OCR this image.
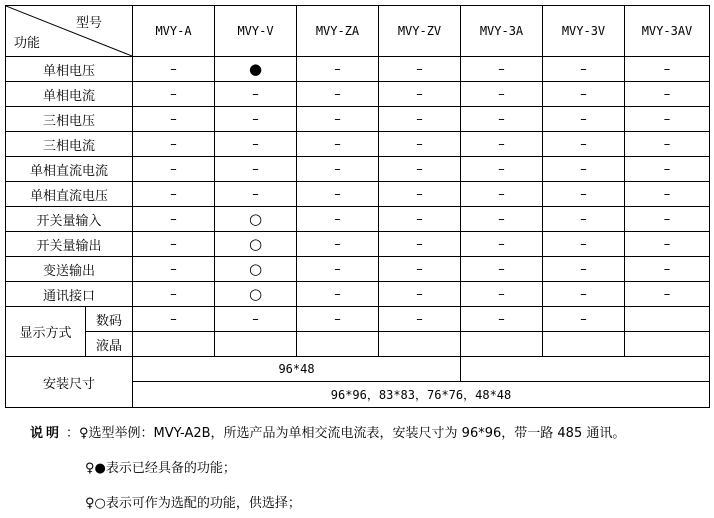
型号
功能		MVY-A	MVY-V	MVY-ZA	MVY-ZV	MVY-3A	MVY-3V	MVY-3AV
单相电压		–	●	–	–	–	–	–
单相电流		–	–	–	–	–	–	–
三相电压		–	–	–	–	–	–	–
三相电流		–	–	–	–	–	–	–
单相直流电流		–	–	–	–	–	–	–
单相直流电压		–	–	–	–	–	–	–
开关量输入		–	○	–	–	–	–	–
开关量输出		–	○	–	–	–	–	–
变送输出		–	○	–	–	–	–	–
通讯接口		–	○	–	–	–	–	–
显示方式	数码	–	–	–	–	–	–	
	液晶							
安装尺寸		96*48						
		96*96，83*83，76*76，48*48						
说明 ：♀选型举例：MVY-A2B，所选产品为单相交流电流表，安装尺寸为 96*96，带一路 485 通讯。
♀●表示已经具备的功能；
♀○表示可作为选配的功能，供选择；
